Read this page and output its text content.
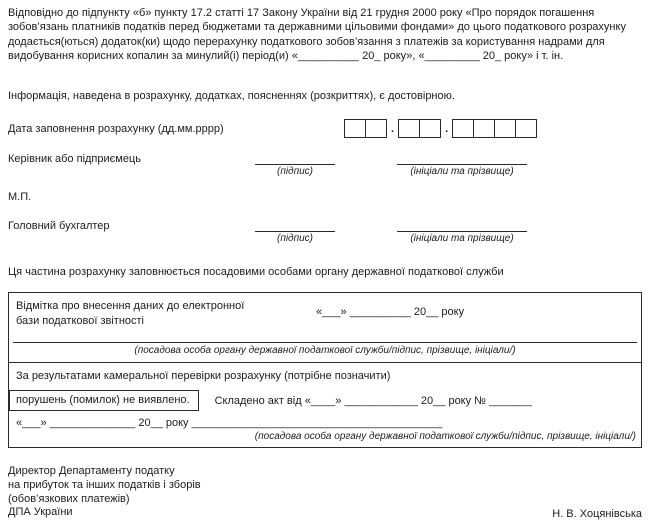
Відповідно до підпункту «б» пункту 17.2 статті 17 Закону України від 21 грудня 2000 року «Про порядок погашення зобов’язань платників податків перед бюджетами та державними цільовими фондами» до цього податкового розрахунку додається(ються) додаток(ки) щодо перерахунку податкового зобов’язання з платежів за користування надрами для видобування корисних копалин за минулий(і) період(и) «__________ 20_ року», «_________ 20_ року» і т. ін.

Інформація, наведена в розрахунку, додатках, поясненнях (розкриттях), є достовірною.

Дата заповнення розрахунку (дд.мм.рррр)	.	.
Керівник або підприємець
(підпис)	(ініціали та прізвище)
М.П.
Головний бухгалтер
(підпис)	(ініціали та прізвище)
Ця частина розрахунку заповнюється посадовими особами органу державної податкової служби
Відмітка про внесення даних до електронної
бази податкової звітності
«___» __________ 20__ року
(посадова особа органу державної податкової служби/підпис, прізвище, ініціали/)
За результатами камеральної перевірки розрахунку (потрібне позначити)
порушень (помилок) не виявлено.	Складено акт від «____» ____________ 20__ року № _______
«___» ______________ 20__ року _________________________________________
(посадова особа органу державної податкової служби/підпис, прізвище, ініціали/)
Директор Департаменту податку
на прибуток та інших податків і зборів
(обов’язкових платежів)
ДПА України	Н. В. Хоцянівська
